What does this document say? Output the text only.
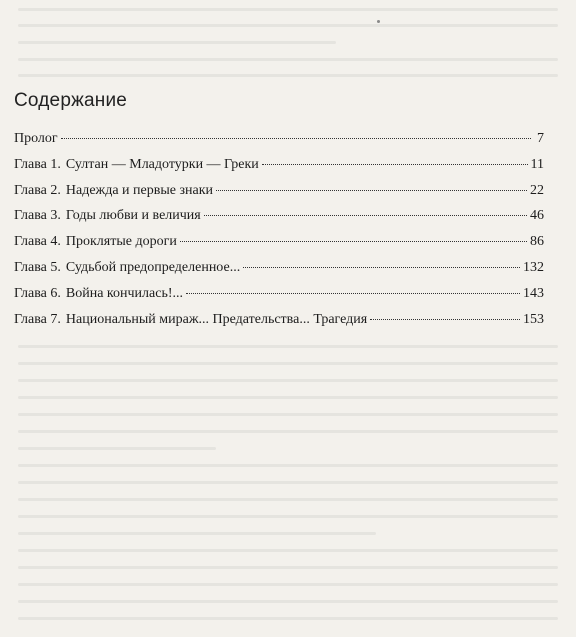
Содержание
Пролог	7
Глава 1. Султан — Младотурки — Греки	11
Глава 2. Надежда и первые знаки	22
Глава 3. Годы любви и величия	46
Глава 4. Проклятые дороги	86
Глава 5. Судьбой предопределенное...	132
Глава 6. Война кончилась!...	143
Глава 7. Национальный мираж... Предательства... Трагедия	153
